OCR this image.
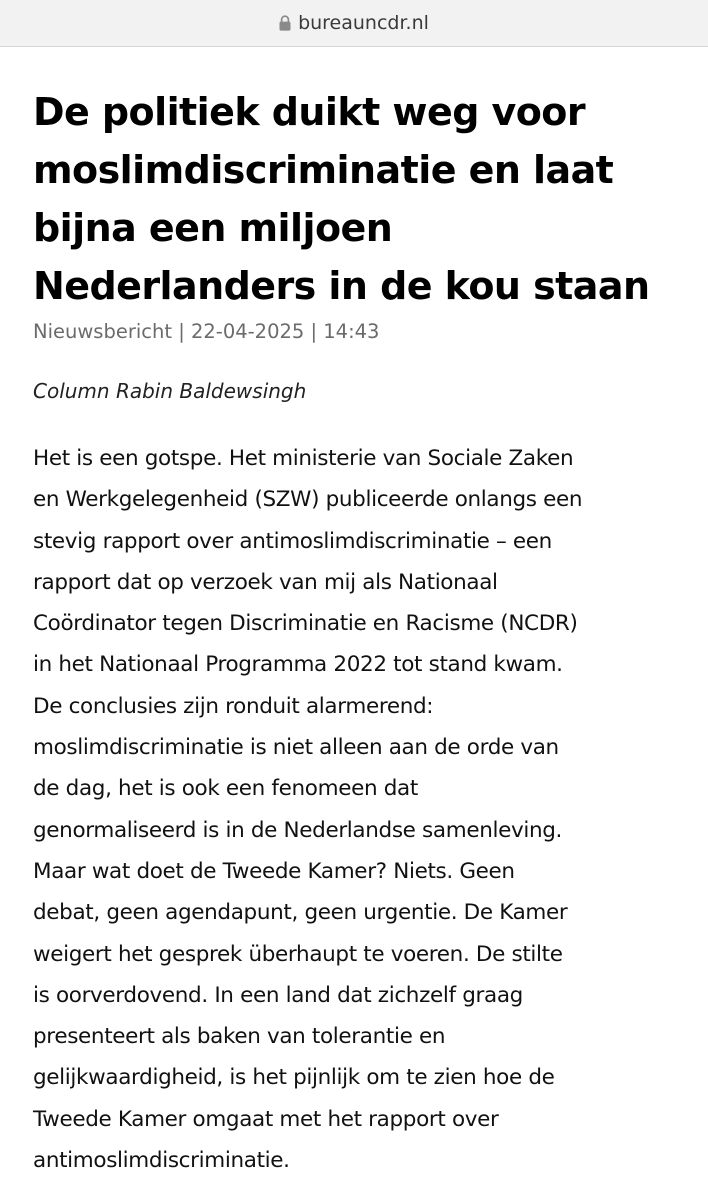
bureauncdr.nl
De politiek duikt weg voor
moslimdiscriminatie en laat
bijna een miljoen
Nederlanders in de kou staan
Nieuwsbericht | 22-04-2025 | 14:43
Column Rabin Baldewsingh
Het is een gotspe. Het ministerie van Sociale Zaken
en Werkgelegenheid (SZW) publiceerde onlangs een
stevig rapport over antimoslimdiscriminatie – een
rapport dat op verzoek van mij als Nationaal
Coördinator tegen Discriminatie en Racisme (NCDR)
in het Nationaal Programma 2022 tot stand kwam.
De conclusies zijn ronduit alarmerend:
moslimdiscriminatie is niet alleen aan de orde van
de dag, het is ook een fenomeen dat
genormaliseerd is in de Nederlandse samenleving.
Maar wat doet de Tweede Kamer? Niets. Geen
debat, geen agendapunt, geen urgentie. De Kamer
weigert het gesprek überhaupt te voeren. De stilte
is oorverdovend. In een land dat zichzelf graag
presenteert als baken van tolerantie en
gelijkwaardigheid, is het pijnlijk om te zien hoe de
Tweede Kamer omgaat met het rapport over
antimoslimdiscriminatie.
